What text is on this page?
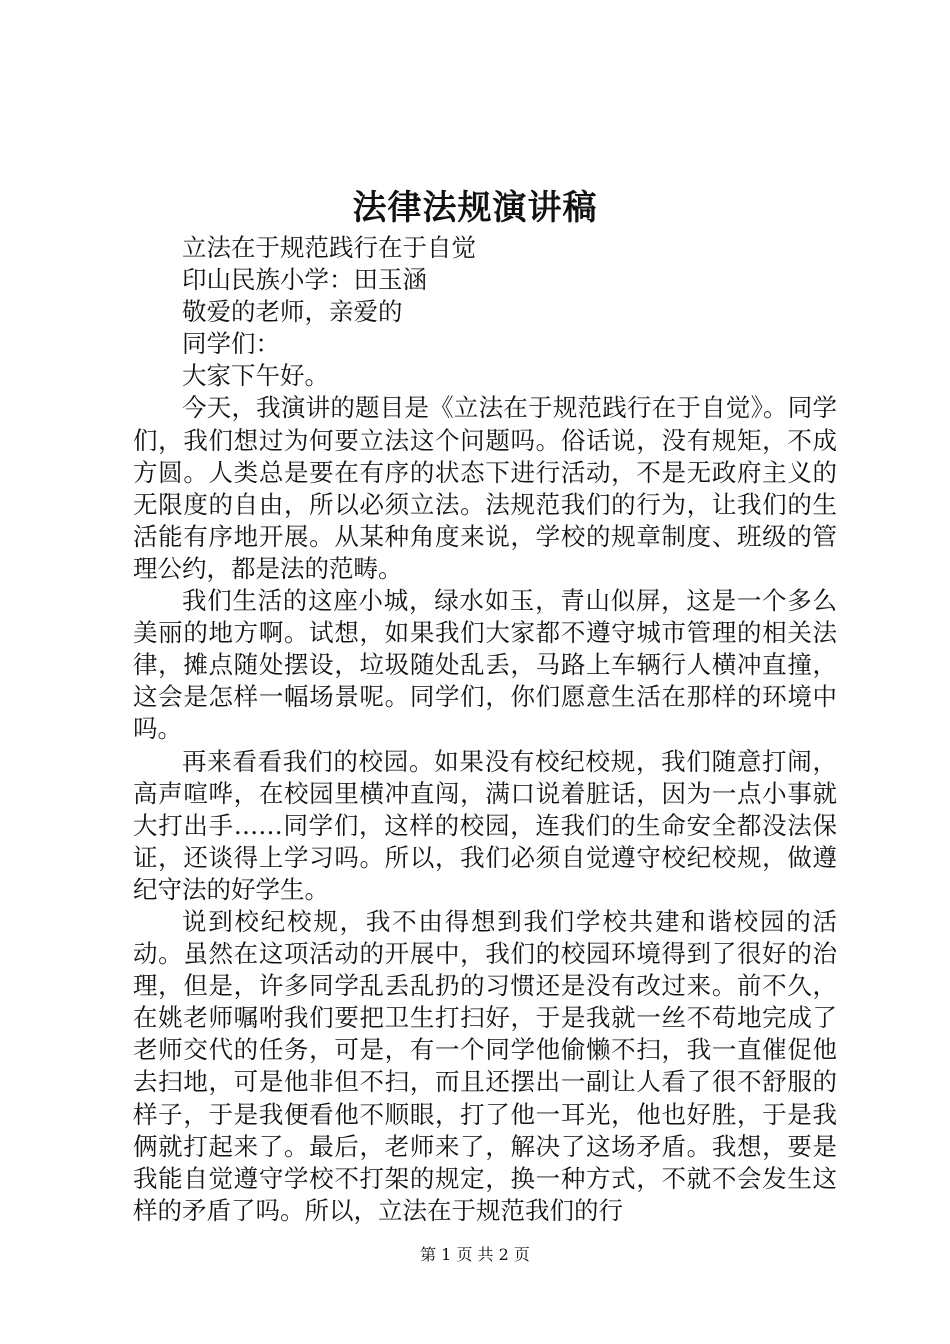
法律法规演讲稿

立法在于规范践行在于自觉

印山民族小学：田玉涵

敬爱的老师，亲爱的

同学们：

大家下午好。

今天，我演讲的题目是《立法在于规范践行在于自觉》。同学们，我们想过为何要立法这个问题吗。俗话说，没有规矩，不成方圆。人类总是要在有序的状态下进行活动，不是无政府主义的无限度的自由，所以必须立法。法规范我们的行为，让我们的生活能有序地开展。从某种角度来说，学校的规章制度、班级的管理公约，都是法的范畴。

我们生活的这座小城，绿水如玉，青山似屏，这是一个多么美丽的地方啊。试想，如果我们大家都不遵守城市管理的相关法律，摊点随处摆设，垃圾随处乱丢，马路上车辆行人横冲直撞，这会是怎样一幅场景呢。同学们，你们愿意生活在那样的环境中吗。

再来看看我们的校园。如果没有校纪校规，我们随意打闹，高声喧哗，在校园里横冲直闯，满口说着脏话，因为一点小事就大打出手……同学们，这样的校园，连我们的生命安全都没法保证，还谈得上学习吗。所以，我们必须自觉遵守校纪校规，做遵纪守法的好学生。

说到校纪校规，我不由得想到我们学校共建和谐校园的活动。虽然在这项活动的开展中，我们的校园环境得到了很好的治理，但是，许多同学乱丢乱扔的习惯还是没有改过来。前不久，在姚老师嘱咐我们要把卫生打扫好，于是我就一丝不苟地完成了老师交代的任务，可是，有一个同学他偷懒不扫，我一直催促他去扫地，可是他非但不扫，而且还摆出一副让人看了很不舒服的样子，于是我便看他不顺眼，打了他一耳光，他也好胜，于是我俩就打起来了。最后，老师来了，解决了这场矛盾。我想，要是我能自觉遵守学校不打架的规定，换一种方式，不就不会发生这样的矛盾了吗。所以，立法在于规范我们的行

第 1 页 共 2 页
